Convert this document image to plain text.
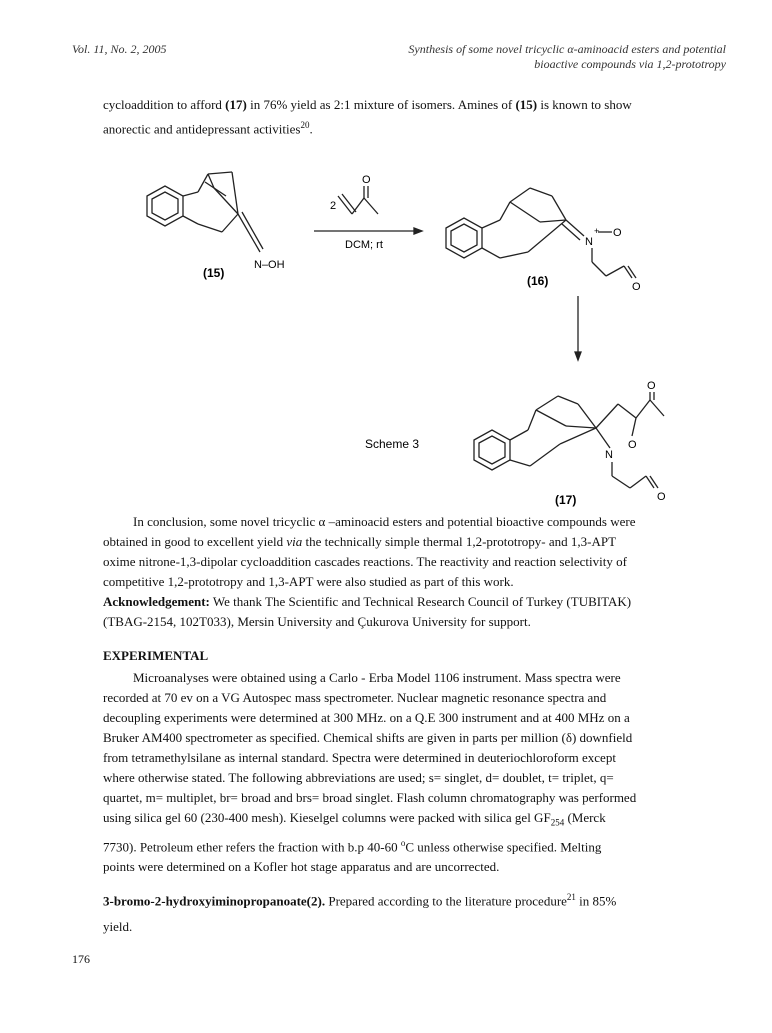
Vol. 11, No. 2, 2005	Synthesis of some novel tricyclic α-aminoacid esters and potential
bioactive compounds via 1,2-prototropy
cycloaddition to afford (17) in 76% yield as 2:1 mixture of isomers. Amines of (15) is known to show
anorectic and antidepressant activities$^{20}$.
(15)
N–OH
2
O
DCM; rt	N
+ O
O
(16)
Scheme 3
O
N
O
O
(17)
In conclusion, some novel tricyclic α –aminoacid esters and potential bioactive compounds were
obtained in good to excellent yield via the technically simple thermal 1,2-prototropy- and 1,3-APT
oxime nitrone-1,3-dipolar cycloaddition cascades reactions. The reactivity and reaction selectivity of
competitive 1,2-prototropy and 1,3-APT were also studied as part of this work.
Acknowledgement: We thank The Scientific and Technical Research Council of Turkey (TUBITAK)
(TBAG-2154, 102T033), Mersin University and Çukurova University for support.
EXPERIMENTAL
Microanalyses were obtained using a Carlo - Erba Model 1106 instrument. Mass spectra were
recorded at 70 ev on a VG Autospec mass spectrometer. Nuclear magnetic resonance spectra and
decoupling experiments were determined at 300 MHz. on a Q.E 300 instrument and at 400 MHz on a
Bruker AM400 spectrometer as specified. Chemical shifts are given in parts per million (δ) downfield
from tetramethylsilane as internal standard. Spectra were determined in deuteriochloroform except
where otherwise stated. The following abbreviations are used; s= singlet, d= doublet, t= triplet, q=
quartet, m= multiplet, br= broad and brs= broad singlet. Flash column chromatography was performed
using silica gel 60 (230-400 mesh). Kieselgel columns were packed with silica gel $GF_{254}$ (Merck
7730). Petroleum ether refers the fraction with b.p 40-60 $^o$C unless otherwise specified. Melting
points were determined on a Kofler hot stage apparatus and are uncorrected.
3-bromo-2-hydroxyiminopropanoate(2). Prepared according to the literature procedure$^{21}$ in 85%
yield.
176
